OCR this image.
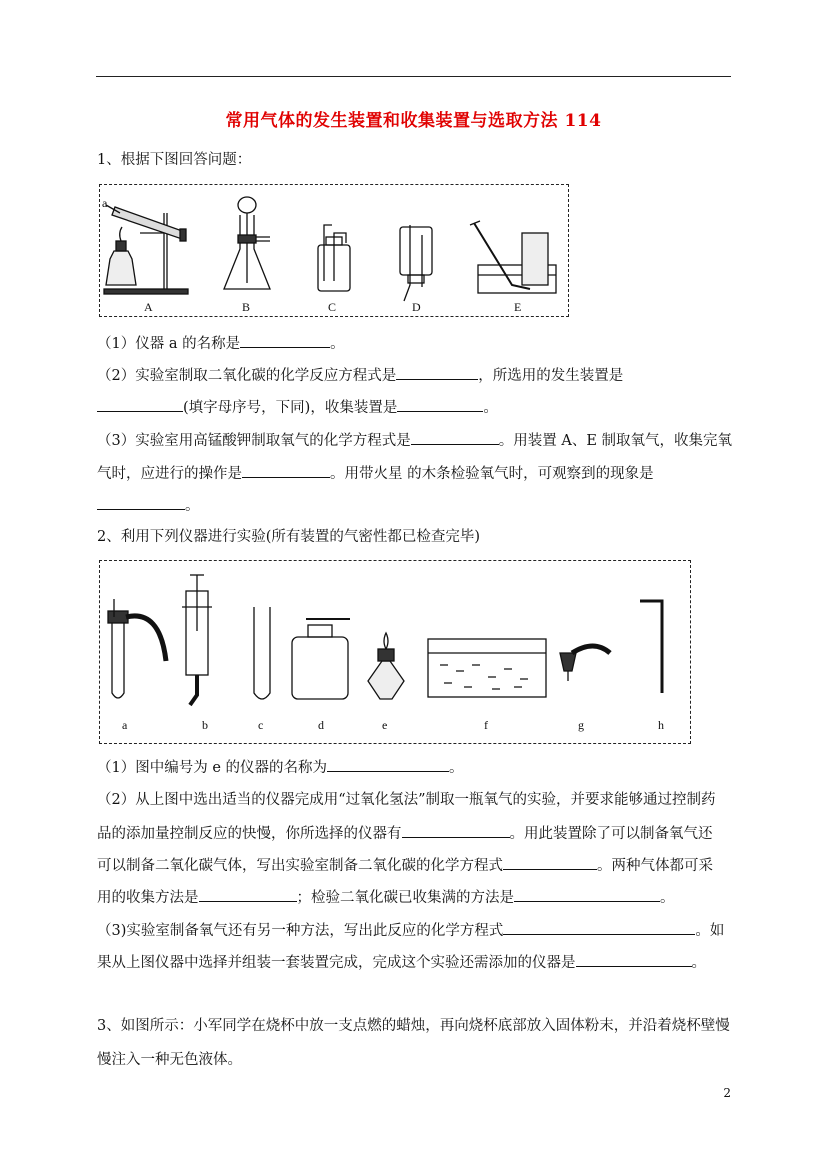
常用气体的发生装置和收集装置与选取方法 114
1、根据下图回答问题：
a
A	B	C	D	E
（1）仪器 a 的名称是	。
（2）实验室制取二氧化碳的化学反应方程式是	，所选用的发生装置是
(填字母序号，下同)，收集装置是	。
（3）实验室用高锰酸钾制取氧气的化学方程式是	。用装置 A、E 制取氧气，收集完氧
气时，应进行的操作是	。用带火星 的木条检验氧气时，可观察到的现象是
。
2、利用下列仪器进行实验(所有装置的气密性都已检查完毕)
a	b	c	d	e	f	g	h
（1）图中编号为 e 的仪器的名称为	。
（2）从上图中选出适当的仪器完成用“过氧化氢法”制取一瓶氧气的实验，并要求能够通过控制药
品的添加量控制反应的快慢，你所选择的仪器有	。用此装置除了可以制备氧气还
可以制备二氧化碳气体，写出实验室制备二氧化碳的化学方程式	。两种气体都可采
用的收集方法是	；检验二氧化碳已收集满的方法是	。
（3)实验室制备氧气还有另一种方法，写出此反应的化学方程式	。如
果从上图仪器中选择并组装一套装置完成，完成这个实验还需添加的仪器是	。
3、如图所示：小军同学在烧杯中放一支点燃的蜡烛，再向烧杯底部放入固体粉末，并沿着烧杯壁慢
慢注入一种无色液体。
2
